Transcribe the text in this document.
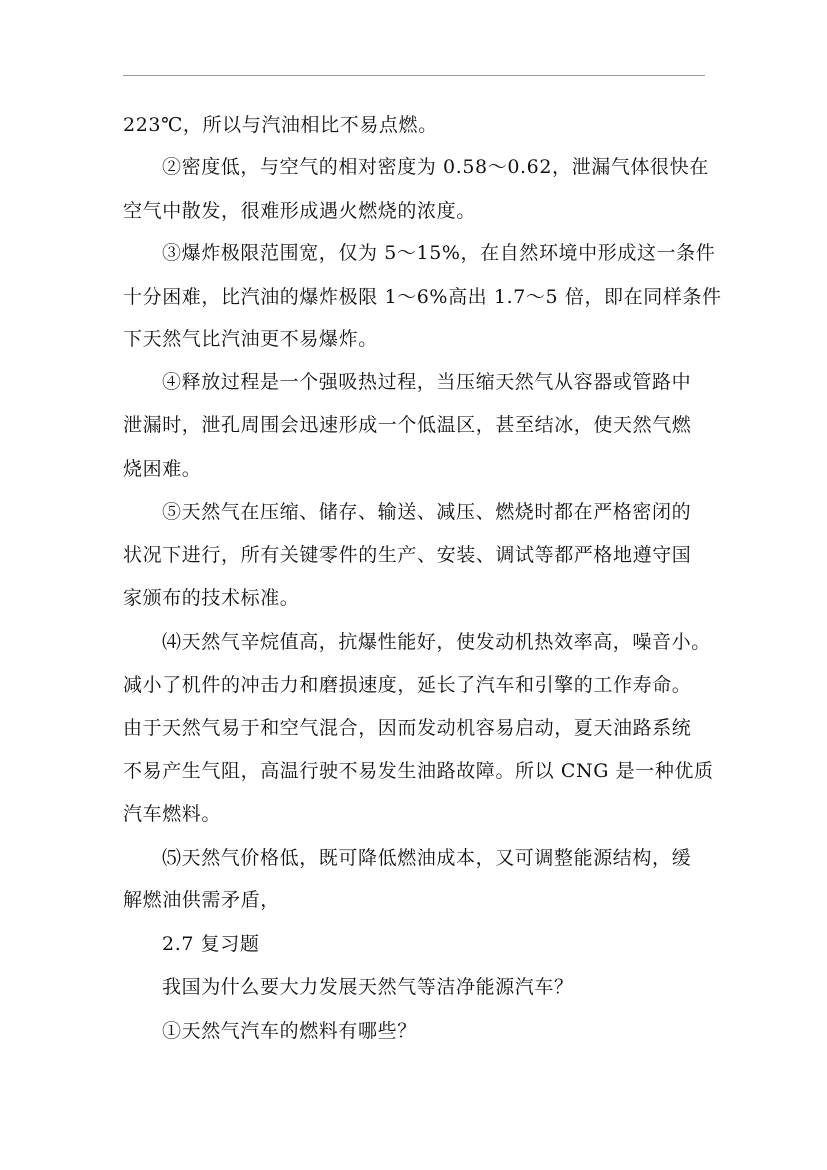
223℃，所以与汽油相比不易点燃。
②密度低，与空气的相对密度为 0.58～0.62，泄漏气体很快在
空气中散发，很难形成遇火燃烧的浓度。
③爆炸极限范围宽，仅为 5～15%，在自然环境中形成这一条件
十分困难，比汽油的爆炸极限 1～6%高出 1.7～5 倍，即在同样条件
下天然气比汽油更不易爆炸。
④释放过程是一个强吸热过程，当压缩天然气从容器或管路中
泄漏时，泄孔周围会迅速形成一个低温区，甚至结冰，使天然气燃
烧困难。
⑤天然气在压缩、储存、输送、减压、燃烧时都在严格密闭的
状况下进行，所有关键零件的生产、安装、调试等都严格地遵守国
家颁布的技术标准。
⑷天然气辛烷值高，抗爆性能好，使发动机热效率高，噪音小。
减小了机件的冲击力和磨损速度，延长了汽车和引擎的工作寿命。
由于天然气易于和空气混合，因而发动机容易启动，夏天油路系统
不易产生气阻，高温行驶不易发生油路故障。所以 CNG 是一种优质
汽车燃料。
⑸天然气价格低，既可降低燃油成本，又可调整能源结构，缓
解燃油供需矛盾，
2.7 复习题
我国为什么要大力发展天然气等洁净能源汽车？
①天然气汽车的燃料有哪些？
